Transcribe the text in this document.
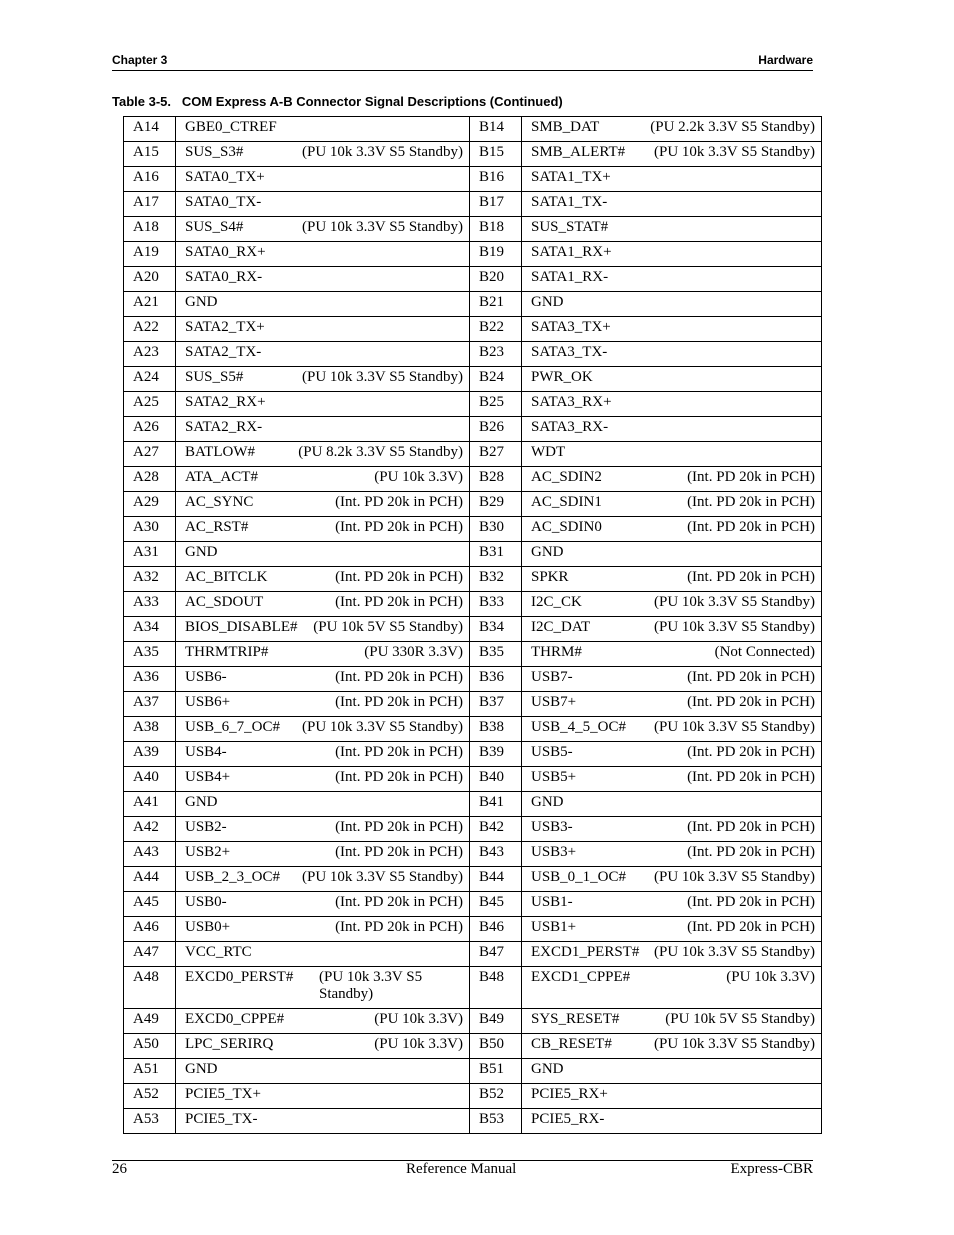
Chapter 3	Hardware
Table 3-5.   COM Express A-B Connector Signal Descriptions (Continued)
A14	GBE0_CTREF	B14	SMB_DAT (PU 2.2k 3.3V S5 Standby)

A15	SUS_S3# (PU 10k 3.3V S5 Standby)	B15	SMB_ALERT# (PU 10k 3.3V S5 Standby)

A16	SATA0_TX+	B16	SATA1_TX+

A17	SATA0_TX-	B17	SATA1_TX-

A18	SUS_S4# (PU 10k 3.3V S5 Standby)	B18	SUS_STAT#

A19	SATA0_RX+	B19	SATA1_RX+

A20	SATA0_RX-	B20	SATA1_RX-

A21	GND	B21	GND

A22	SATA2_TX+	B22	SATA3_TX+

A23	SATA2_TX-	B23	SATA3_TX-

A24	SUS_S5# (PU 10k 3.3V S5 Standby)	B24	PWR_OK

A25	SATA2_RX+	B25	SATA3_RX+

A26	SATA2_RX-	B26	SATA3_RX-

A27	BATLOW# (PU 8.2k 3.3V S5 Standby)	B27	WDT

A28	ATA_ACT# (PU 10k 3.3V)	B28	AC_SDIN2 (Int. PD 20k in PCH)

A29	AC_SYNC (Int. PD 20k in PCH)	B29	AC_SDIN1 (Int. PD 20k in PCH)

A30	AC_RST# (Int. PD 20k in PCH)	B30	AC_SDIN0 (Int. PD 20k in PCH)

A31	GND	B31	GND

A32	AC_BITCLK (Int. PD 20k in PCH)	B32	SPKR (Int. PD 20k in PCH)

A33	AC_SDOUT (Int. PD 20k in PCH)	B33	I2C_CK (PU 10k 3.3V S5 Standby)

A34	BIOS_DISABLE# (PU 10k 5V S5 Standby)	B34	I2C_DAT (PU 10k 3.3V S5 Standby)

A35	THRMTRIP# (PU 330R 3.3V)	B35	THRM# (Not Connected)

A36	USB6- (Int. PD 20k in PCH)	B36	USB7- (Int. PD 20k in PCH)

A37	USB6+ (Int. PD 20k in PCH)	B37	USB7+ (Int. PD 20k in PCH)

A38	USB_6_7_OC# (PU 10k 3.3V S5 Standby)	B38	USB_4_5_OC# (PU 10k 3.3V S5 Standby)

A39	USB4- (Int. PD 20k in PCH)	B39	USB5- (Int. PD 20k in PCH)

A40	USB4+ (Int. PD 20k in PCH)	B40	USB5+ (Int. PD 20k in PCH)

A41	GND	B41	GND

A42	USB2- (Int. PD 20k in PCH)	B42	USB3- (Int. PD 20k in PCH)

A43	USB2+ (Int. PD 20k in PCH)	B43	USB3+ (Int. PD 20k in PCH)

A44	USB_2_3_OC# (PU 10k 3.3V S5 Standby)	B44	USB_0_1_OC# (PU 10k 3.3V S5 Standby)

A45	USB0- (Int. PD 20k in PCH)	B45	USB1- (Int. PD 20k in PCH)

A46	USB0+ (Int. PD 20k in PCH)	B46	USB1+ (Int. PD 20k in PCH)

A47	VCC_RTC	B47	EXCD1_PERST# (PU 10k 3.3V S5 Standby)

A48	EXCD0_PERST# (PU 10k 3.3V S5 Standby)	B48	EXCD1_CPPE# (PU 10k 3.3V)

A49	EXCD0_CPPE# (PU 10k 3.3V)	B49	SYS_RESET# (PU 10k 5V S5 Standby)

A50	LPC_SERIRQ (PU 10k 3.3V)	B50	CB_RESET# (PU 10k 3.3V S5 Standby)

A51	GND	B51	GND

A52	PCIE5_TX+	B52	PCIE5_RX+

A53	PCIE5_TX-	B53	PCIE5_RX-
26	Reference Manual	Express-CBR
